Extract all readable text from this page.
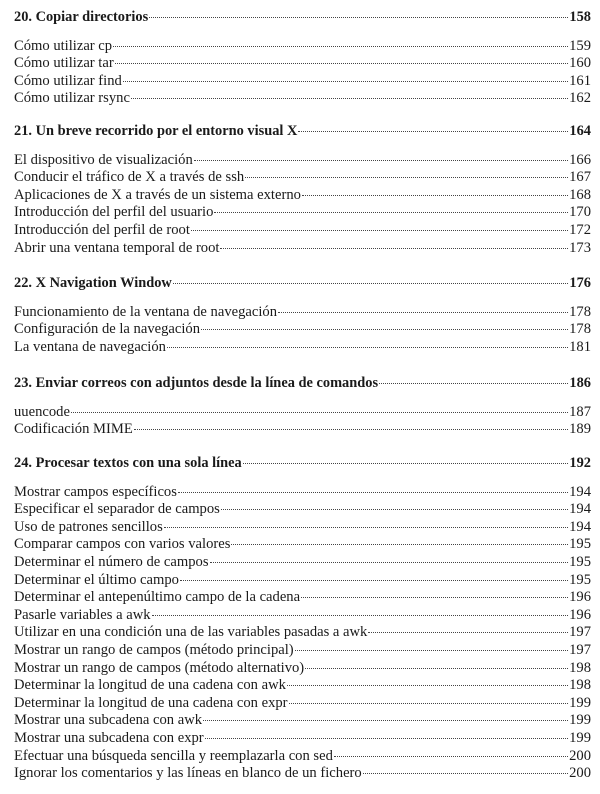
20. Copiar directorios	158
Cómo utilizar cp	159
Cómo utilizar tar	160
Cómo utilizar find	161
Cómo utilizar rsync	162
21. Un breve recorrido por el entorno visual X	164
El dispositivo de visualización	166
Conducir el tráfico de X a través de ssh	167
Aplicaciones de X a través de un sistema externo	168
Introducción del perfil del usuario	170
Introducción del perfil de root	172
Abrir una ventana temporal de root	173
22. X Navigation Window	176
Funcionamiento de la ventana de navegación	178
Configuración de la navegación	178
La ventana de navegación	181
23. Enviar correos con adjuntos desde la línea de comandos	186
uuencode	187
Codificación MIME	189
24. Procesar textos con una sola línea	192
Mostrar campos específicos	194
Especificar el separador de campos	194
Uso de patrones sencillos	194
Comparar campos con varios valores	195
Determinar el número de campos	195
Determinar el último campo	195
Determinar el antepenúltimo campo de la cadena	196
Pasarle variables a awk	196
Utilizar en una condición una de las variables pasadas a awk	197
Mostrar un rango de campos (método principal)	197
Mostrar un rango de campos (método alternativo)	198
Determinar la longitud de una cadena con awk	198
Determinar la longitud de una cadena con expr	199
Mostrar una subcadena con awk	199
Mostrar una subcadena con expr	199
Efectuar una búsqueda sencilla y reemplazarla con sed	200
Ignorar los comentarios y las líneas en blanco de un fichero	200
